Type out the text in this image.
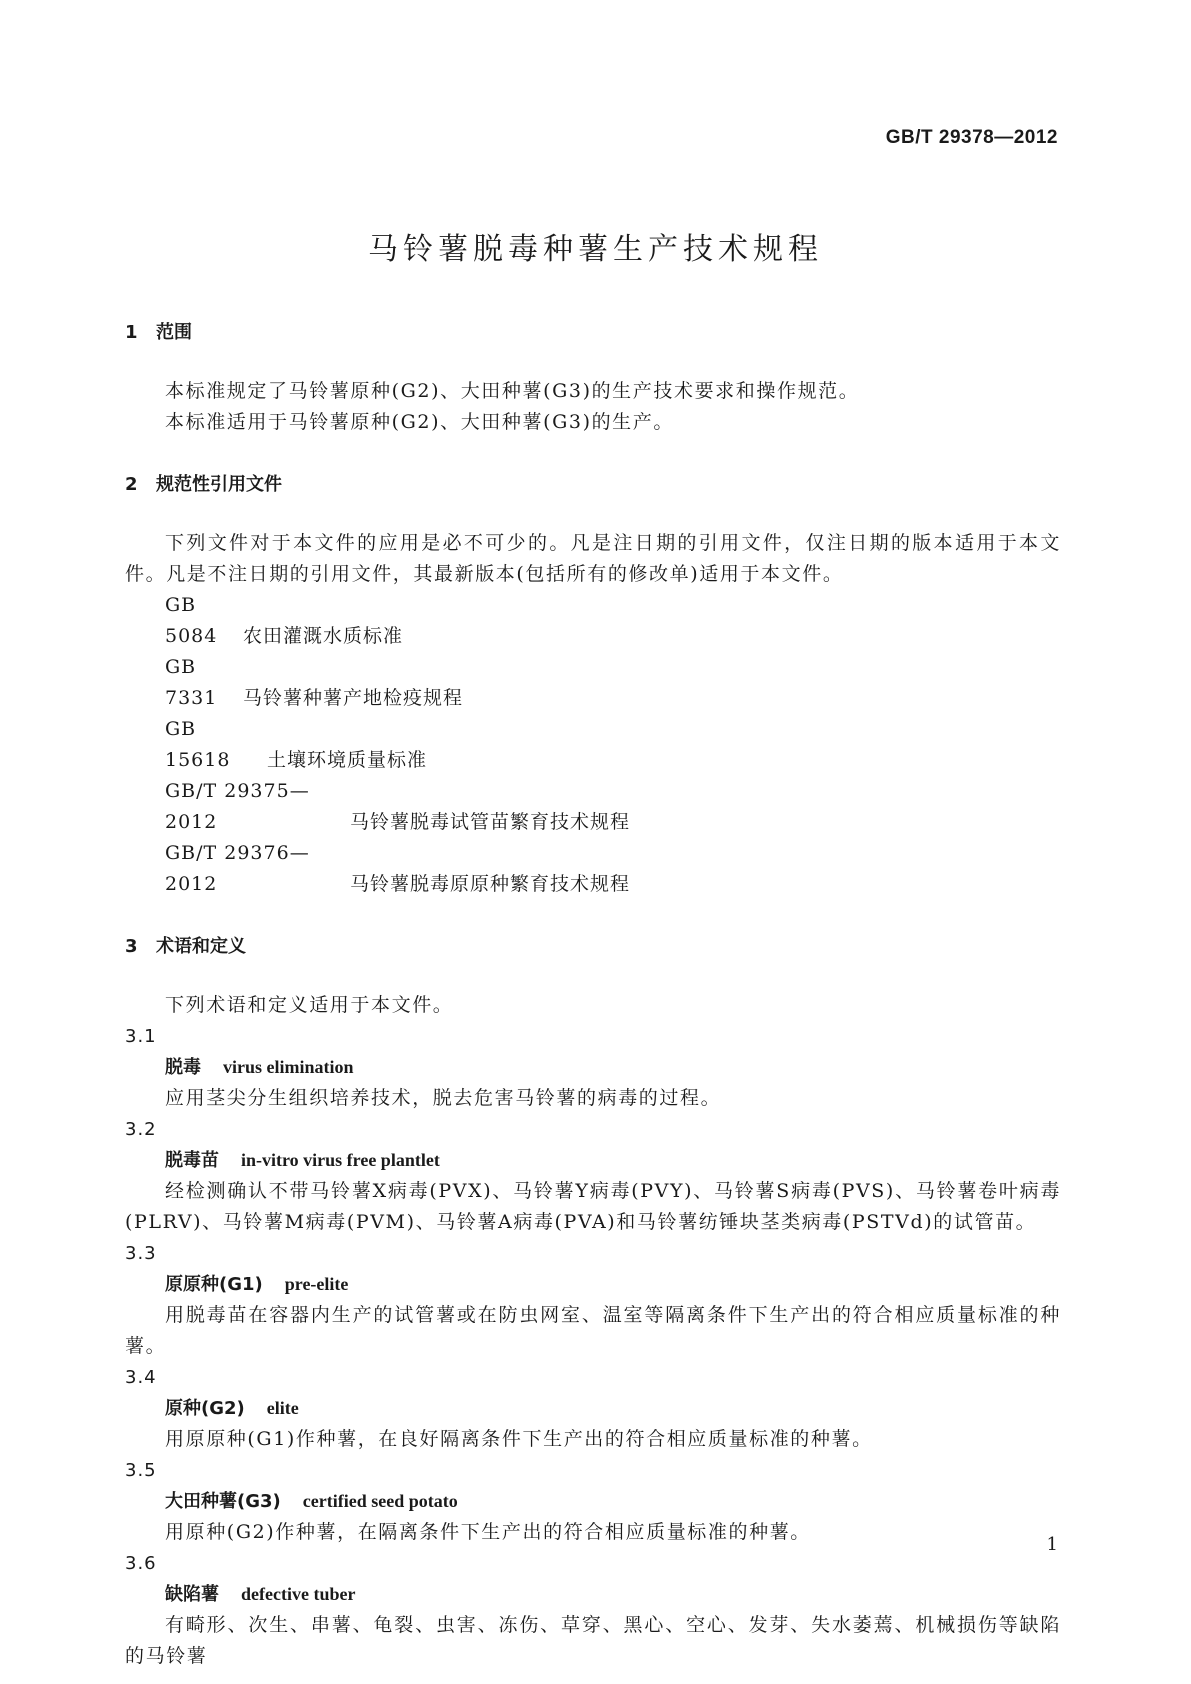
GB/T 29378—2012
马铃薯脱毒种薯生产技术规程
1 范围
本标准规定了马铃薯原种(G2)、大田种薯(G3)的生产技术要求和操作规范。
本标准适用于马铃薯原种(G2)、大田种薯(G3)的生产。
2 规范性引用文件
下列文件对于本文件的应用是必不可少的。凡是注日期的引用文件，仅注日期的版本适用于本文件。凡是不注日期的引用文件，其最新版本(包括所有的修改单)适用于本文件。
GB 5084 农田灌溉水质标准
GB 7331 马铃薯种薯产地检疫规程
GB 15618 土壤环境质量标准
GB/T 29375—2012	马铃薯脱毒试管苗繁育技术规程
GB/T 29376—2012	马铃薯脱毒原原种繁育技术规程
3 术语和定义
下列术语和定义适用于本文件。
3.1
脱毒 virus elimination
应用茎尖分生组织培养技术，脱去危害马铃薯的病毒的过程。
3.2
脱毒苗 in-vitro virus free plantlet
经检测确认不带马铃薯X病毒(PVX)、马铃薯Y病毒(PVY)、马铃薯S病毒(PVS)、马铃薯卷叶病毒(PLRV)、马铃薯M病毒(PVM)、马铃薯A病毒(PVA)和马铃薯纺锤块茎类病毒(PSTVd)的试管苗。
3.3
原原种(G1) pre-elite
用脱毒苗在容器内生产的试管薯或在防虫网室、温室等隔离条件下生产出的符合相应质量标准的种薯。
3.4
原种(G2) elite
用原原种(G1)作种薯，在良好隔离条件下生产出的符合相应质量标准的种薯。
3.5
大田种薯(G3) certified seed potato
用原种(G2)作种薯，在隔离条件下生产出的符合相应质量标准的种薯。
3.6
缺陷薯 defective tuber
有畸形、次生、串薯、龟裂、虫害、冻伤、草穿、黑心、空心、发芽、失水萎蔫、机械损伤等缺陷的马铃薯
1
